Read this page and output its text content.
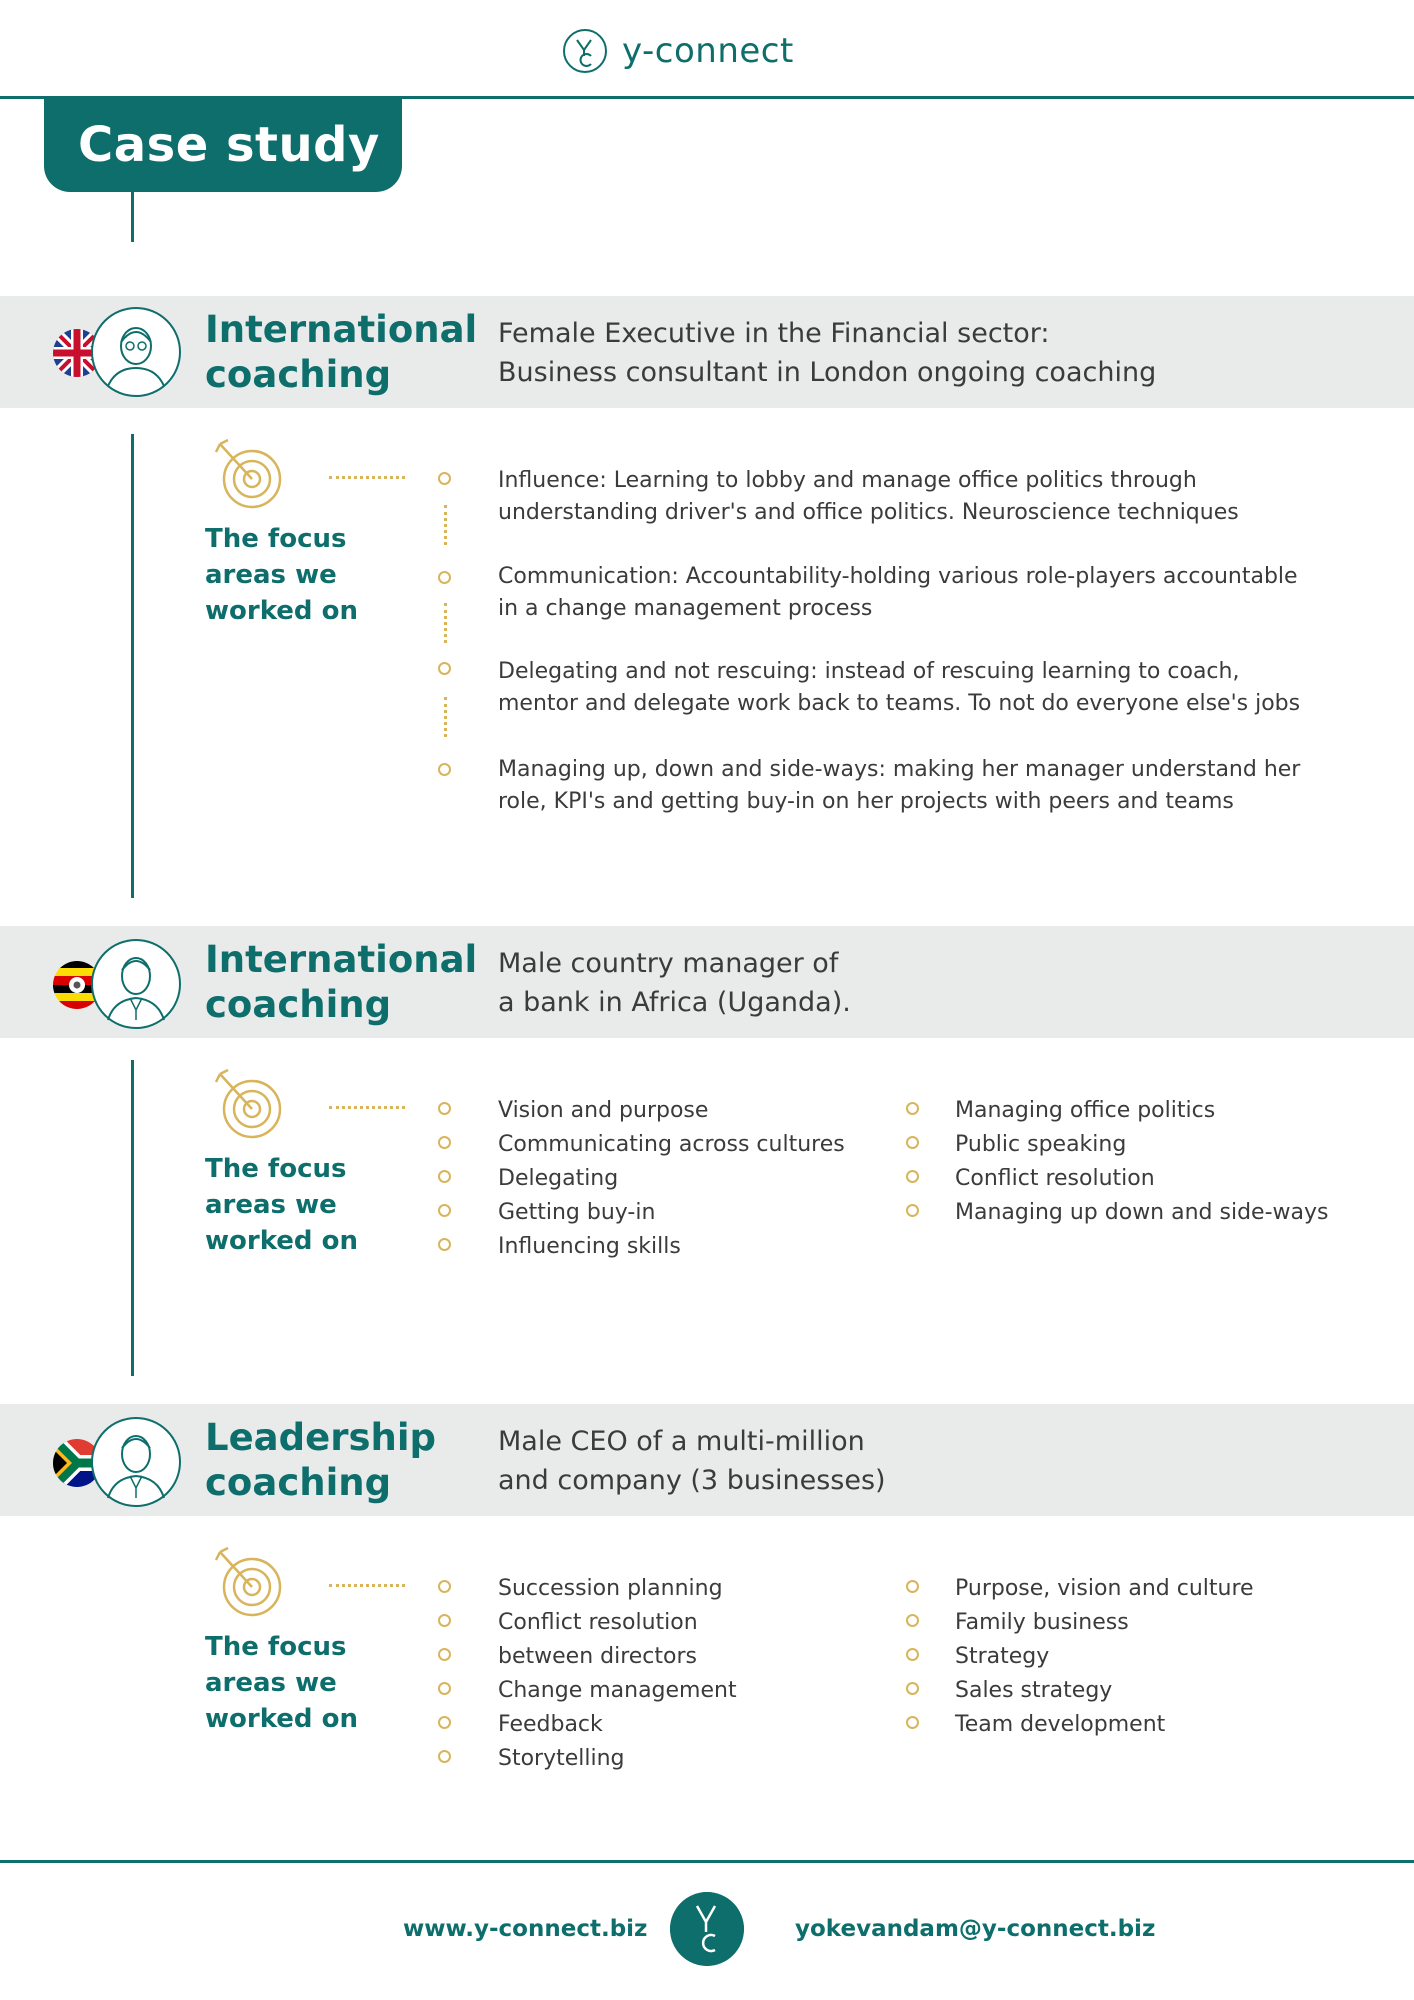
y-connect
Case study
International
coaching
Female Executive in the Financial sector:
Business consultant in London ongoing coaching
The focus
areas we
worked on
Influence: Learning to lobby and manage office politics through
understanding driver's and office politics. Neuroscience techniques
Communication: Accountability-holding various role-players accountable
in a change management process
Delegating and not rescuing: instead of rescuing learning to coach,
mentor and delegate work back to teams. To not do everyone else's jobs
Managing up, down and side-ways: making her manager understand her
role, KPI's and getting buy-in on her projects with peers and teams
International
coaching
Male country manager of
a bank in Africa (Uganda).
The focus
areas we
worked on
Vision and purpose
Communicating across cultures
Delegating
Getting buy-in
Influencing skills
Managing office politics
Public speaking
Conflict resolution
Managing up down and side-ways
Leadership
coaching
Male CEO of a multi-million
and company (3 businesses)
The focus
areas we
worked on
Succession planning
Conflict resolution
between directors
Change management
Feedback
Storytelling
Purpose, vision and culture
Family business
Strategy
Sales strategy
Team development
www.y-connect.biz	yokevandam@y-connect.biz
